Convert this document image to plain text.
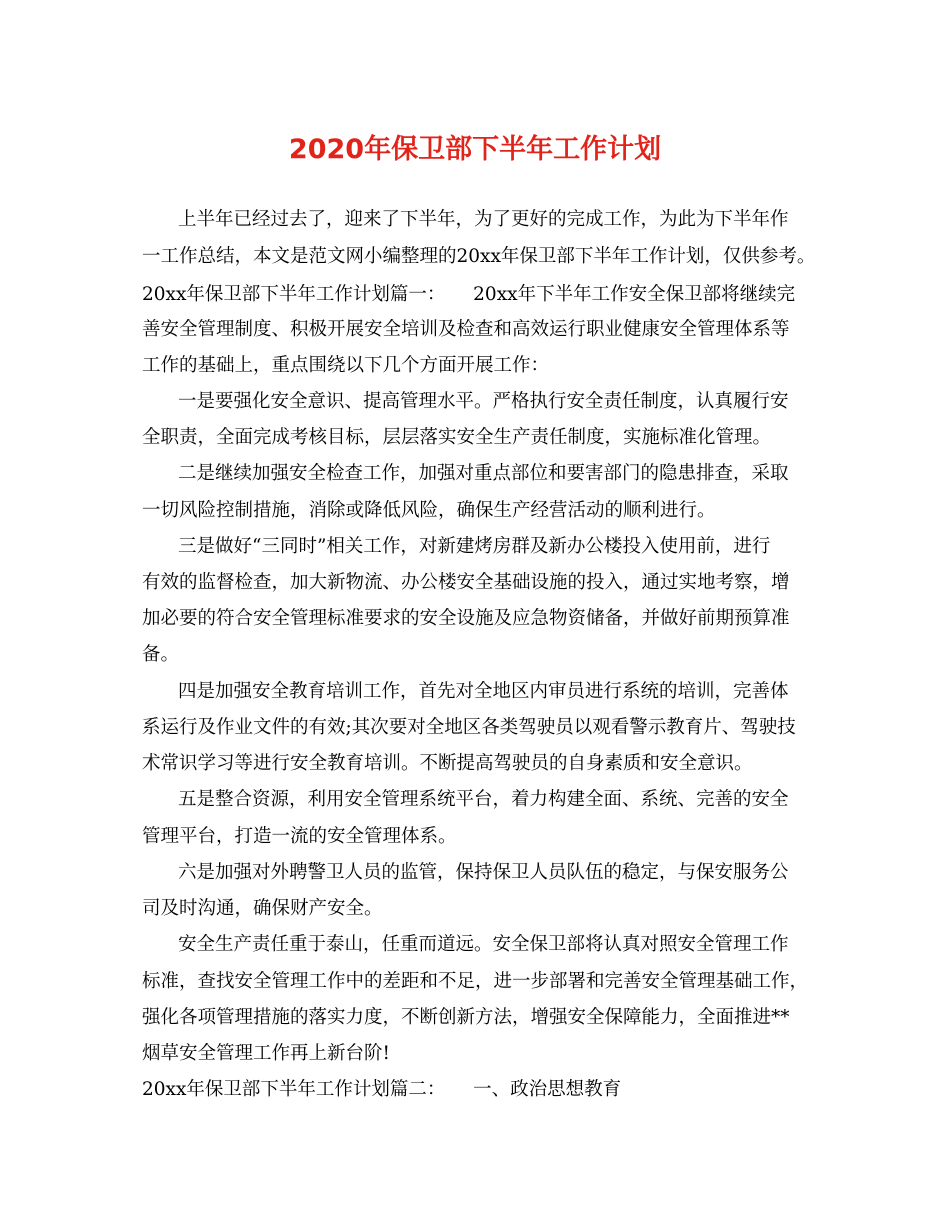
2020年保卫部下半年工作计划
上半年已经过去了，迎来了下半年，为了更好的完成工作，为此为下半年作
一工作总结，本文是范文网小编整理的20xx年保卫部下半年工作计划，仅供参考。
20xx年保卫部下半年工作计划篇一：　　20xx年下半年工作安全保卫部将继续完
善安全管理制度、积极开展安全培训及检查和高效运行职业健康安全管理体系等
工作的基础上，重点围绕以下几个方面开展工作：
一是要强化安全意识、提高管理水平。严格执行安全责任制度，认真履行安
全职责，全面完成考核目标，层层落实安全生产责任制度，实施标准化管理。
二是继续加强安全检查工作，加强对重点部位和要害部门的隐患排查，采取
一切风险控制措施，消除或降低风险，确保生产经营活动的顺利进行。
三是做好“三同时”相关工作，对新建烤房群及新办公楼投入使用前，进行
有效的监督检查，加大新物流、办公楼安全基础设施的投入，通过实地考察，增
加必要的符合安全管理标准要求的安全设施及应急物资储备，并做好前期预算准
备。
四是加强安全教育培训工作，首先对全地区内审员进行系统的培训，完善体
系运行及作业文件的有效;其次要对全地区各类驾驶员以观看警示教育片、驾驶技
术常识学习等进行安全教育培训。不断提高驾驶员的自身素质和安全意识。
五是整合资源，利用安全管理系统平台，着力构建全面、系统、完善的安全
管理平台，打造一流的安全管理体系。
六是加强对外聘警卫人员的监管，保持保卫人员队伍的稳定，与保安服务公
司及时沟通，确保财产安全。
安全生产责任重于泰山，任重而道远。安全保卫部将认真对照安全管理工作
标准，查找安全管理工作中的差距和不足，进一步部署和完善安全管理基础工作，
强化各项管理措施的落实力度，不断创新方法，增强安全保障能力，全面推进**
烟草安全管理工作再上新台阶!
20xx年保卫部下半年工作计划篇二：　　一、政治思想教育
